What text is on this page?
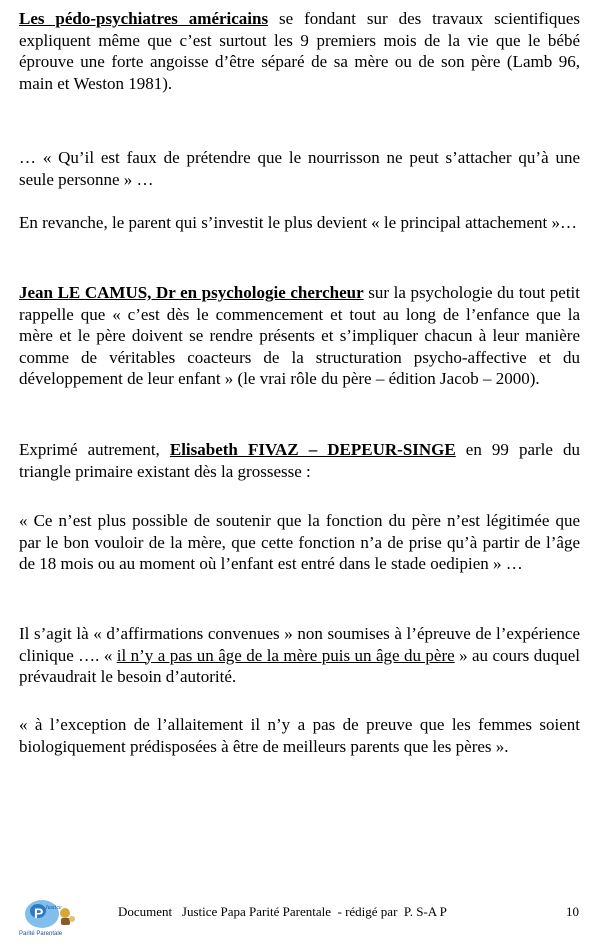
Les pédo-psychiatres américains se fondant sur des travaux scientifiques expliquent même que c’est surtout les 9 premiers mois de la vie que le bébé éprouve une forte angoisse d’être séparé de sa mère ou de son père (Lamb 96, main et Weston 1981).

… « Qu’il est faux de prétendre que le nourrisson ne peut s’attacher qu’à une seule personne » …

En revanche, le parent qui s’investit le plus devient « le principal attachement »…

Jean LE CAMUS, Dr en psychologie chercheur sur la psychologie du tout petit rappelle que « c’est dès le commencement et tout au long de l’enfance que la mère et le père doivent se rendre présents et s’impliquer chacun à leur manière comme de véritables coacteurs de la structuration psycho-affective et du développement de leur enfant » (le vrai rôle du père – édition Jacob – 2000).

Exprimé autrement, Elisabeth FIVAZ – DEPEUR-SINGE en 99 parle du triangle primaire existant dès la grossesse :

« Ce n’est plus possible de soutenir que la fonction du père n’est légitimée que par le bon vouloir de la mère, que cette fonction n’a de prise qu’à partir de l’âge de 18 mois ou au moment où l’enfant est entré dans le stade oedipien » …

Il s’agit là « d’affirmations convenues » non soumises à l’épreuve de l’expérience clinique …. « il n’y a pas un âge de la mère puis un âge du père » au cours duquel prévaudrait le besoin d’autorité.

« à l’exception de l’allaitement il n’y a pas de preuve que les femmes soient biologiquement prédisposées à être de meilleurs parents que les pères ».

P Justice
Parité Parentale
Document   Justice Papa Parité Parentale  - rédigé par  P. S-A P	10
